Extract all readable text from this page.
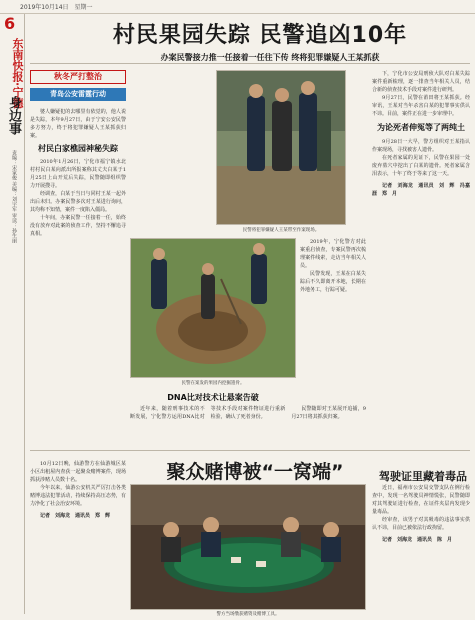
2019年10月14日　星期一
6
东南快报·宁德
身边事
责编：宋家俊 美编：刘宇军 审读：孙生丽
村民果园失踪 民警追凶10年
办案民警接力推一任接着一任往下传 终将犯罪嫌疑人王某抓获
秋冬严打整治
青岛公安雷霆行动

婆人嫌疑犯的去哪里有依觉的，他人说是失踪，本年9月27日，由于宁安公安民警多方努力，终于将犯罪嫌疑人王某抓获归案。

村民白家樵园神秘失踪

2010年1月26日，宁化市福宁镇水北村村民白某向派出所报案称其丈夫白某于1月25日上山开荒后失踪，民警随即组织警力开展搜寻。

经调查，白某于当日与同村王某一起外出后未归。办案民警多次对王某进行询问，其均称不知情，案件一度陷入僵局。

十年间，办案民警一任接着一任，始终没有放弃对此案的侦查工作，坚持不懈追寻真相。

民警将犯罪嫌疑人王某带至作案现场。
民警在案发的果园内挖掘遗骨。

2019年，宁化警方对此案重启侦查，专案民警再次梳理案件线索，走访当年相关人员。

民警发现，王某在白某失踪后不久即离开本地，长期在外地务工，行踪可疑。

DNA比对技术让悬案告破

近年来，随着刑事技术的不断发展，宁化警方运用DNA比对等技术手段对案件物证进行重新检验，确认了死者身份。

民警随即对王某展开追捕，9月27日将其抓获归案。

下，宁化市公安局刑侦大队对白某失踪案件重新梳理，逐一排查当年相关人员，结合新的侦查技术手段对案件进行研判。

9月27日，民警在莆田将王某抓获。经审讯，王某对当年杀害白某的犯罪事实供认不讳。目前，案件正在进一步审理中。

为论死者伸冤等了两纯土

9月28日一大早，警方组织对王某指认作案现场，寻找被害人遗骨。

在死者家属的见证下，民警在果园一处废弃墓穴中挖出了白某的遗骨。死者家属含泪表示，十年了终于等来了这一天。

记者　刘海龙　通讯员　刘　辉　冯嘉涯　郑　月

聚众赌博被“一窝端”

10月12日晚，仙游警方在仙游城区某小区出租屋内查获一起聚众赌博案件，现场抓获涉赌人员数十名。

今年以来，仙游公安机关严厉打击各类赌博违法犯罪活动，持续保持高压态势，有力净化了社会治安环境。

记者　刘海龙　通讯员　郑　辉

警方当场缴获赌资及赌博工具。
驾驶证里藏着毒品

近日，福州市公安局交警支队在例行检查中，发现一名驾驶员神情慌张，民警随即对其驾驶证进行检查，在证件夹层内发现少量毒品。

经审查，该男子对其吸毒的违法事实供认不讳，目前已被依法行政拘留。

记者　刘海龙　通讯员　陈　月
